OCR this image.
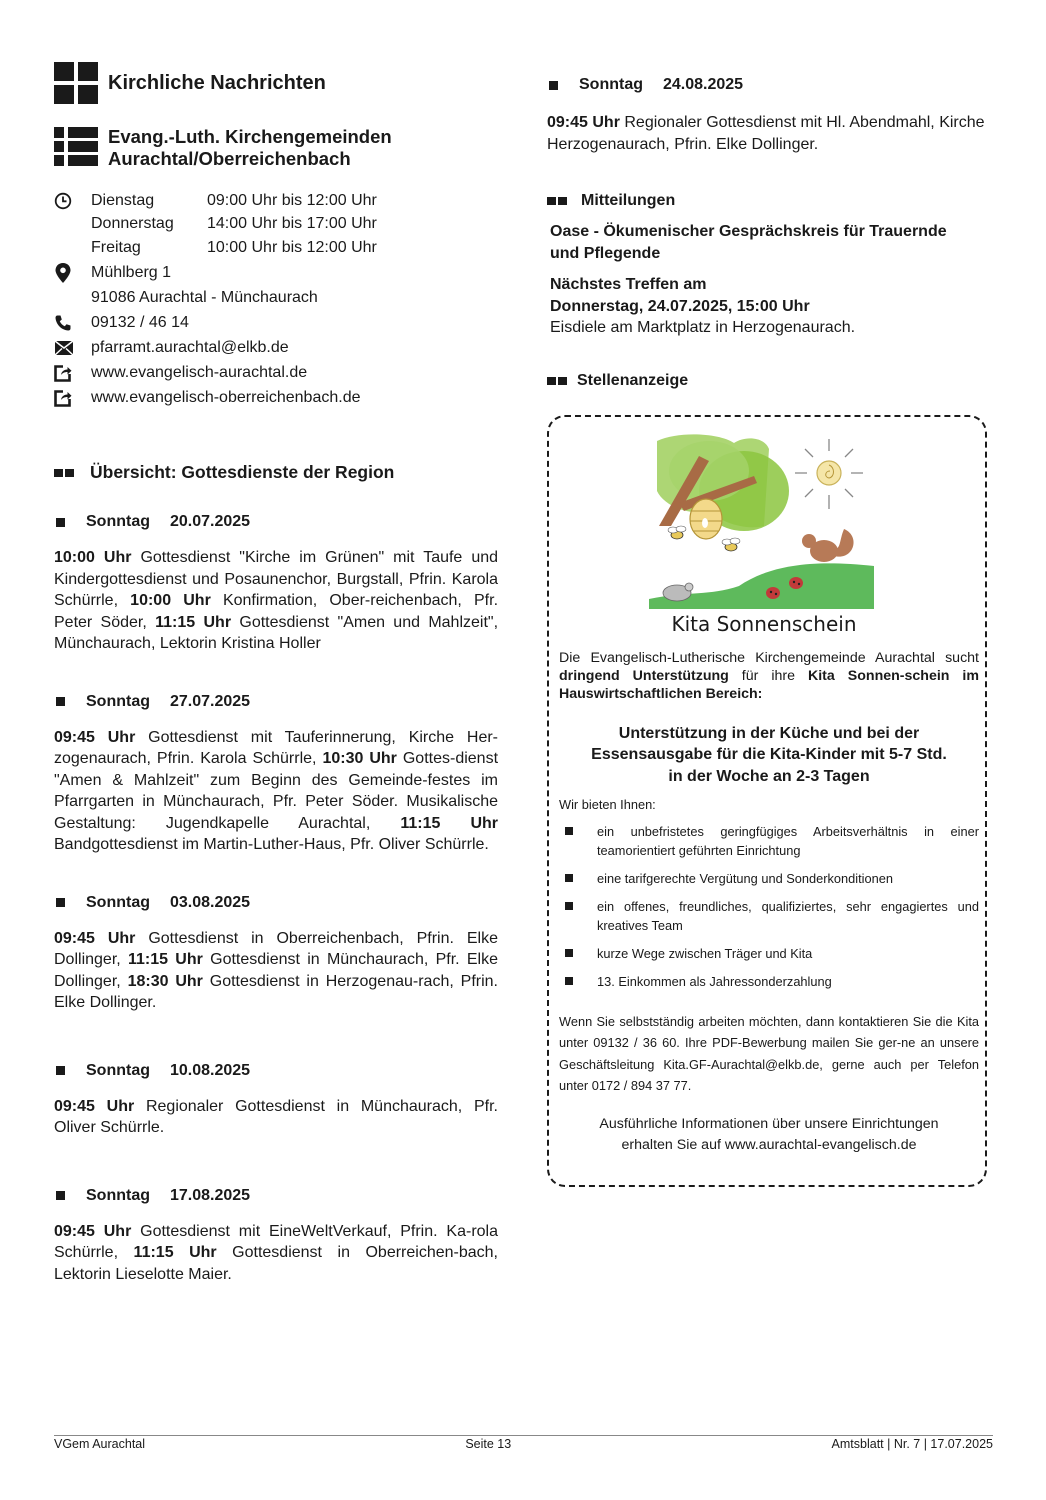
Kirchliche Nachrichten
Evang.-Luth. Kirchengemeinden
Aurachtal/Oberreichenbach
Dienstag	09:00 Uhr bis 12:00 Uhr
Donnerstag	14:00 Uhr bis 17:00 Uhr
Freitag	10:00 Uhr bis 12:00 Uhr
Mühlberg 1
91086 Aurachtal - Münchaurach
09132 / 46 14
pfarramt.aurachtal@elkb.de
www.evangelisch-aurachtal.de
www.evangelisch-oberreichenbach.de
Übersicht: Gottesdienste der Region
Sonntag 20.07.2025
10:00 Uhr Gottesdienst "Kirche im Grünen" mit Taufe und Kindergottesdienst und Posaunenchor, Burgstall, Pfrin. Karola Schürrle, 10:00 Uhr Konfirmation, Ober-reichenbach, Pfr. Peter Söder, 11:15 Uhr Gottesdienst "Amen und Mahlzeit", Münchaurach, Lektorin Kristina Holler
Sonntag 27.07.2025
09:45 Uhr Gottesdienst mit Tauferinnerung, Kirche Her-zogenaurach, Pfrin. Karola Schürrle, 10:30 Uhr Gottes-dienst "Amen & Mahlzeit" zum Beginn des Gemeinde-festes im Pfarrgarten in Münchaurach, Pfr. Peter Söder. Musikalische Gestaltung: Jugendkapelle Aurachtal, 11:15 Uhr Bandgottesdienst im Martin-Luther-Haus, Pfr. Oliver Schürrle.
Sonntag 03.08.2025
09:45 Uhr Gottesdienst in Oberreichenbach, Pfrin. Elke Dollinger, 11:15 Uhr Gottesdienst in Münchaurach, Pfr. Elke Dollinger, 18:30 Uhr Gottesdienst in Herzogenau-rach, Pfrin. Elke Dollinger.
Sonntag 10.08.2025
09:45 Uhr Regionaler Gottesdienst in Münchaurach, Pfr. Oliver Schürrle.
Sonntag 17.08.2025
09:45 Uhr Gottesdienst mit EineWeltVerkauf, Pfrin. Ka-rola Schürrle, 11:15 Uhr Gottesdienst in Oberreichen-bach, Lektorin Lieselotte Maier.
Sonntag 24.08.2025
09:45 Uhr Regionaler Gottesdienst mit Hl. Abendmahl, Kirche Herzogenaurach, Pfrin. Elke Dollinger.
Mitteilungen
Oase - Ökumenischer Gesprächskreis für Trauernde
und Pflegende
Nächstes Treffen am
Donnerstag, 24.07.2025, 15:00 Uhr
Eisdiele am Marktplatz in Herzogenaurach.
Stellenanzeige
Kita Sonnenschein
Die Evangelisch-Lutherische Kirchengemeinde Aurachtal sucht dringend Unterstützung für ihre Kita Sonnen-schein im Hauswirtschaftlichen Bereich:
Unterstützung in der Küche und bei der
Essensausgabe für die Kita-Kinder mit 5-7 Std.
in der Woche an 2-3 Tagen
Wir bieten Ihnen:
ein unbefristetes geringfügiges Arbeitsverhältnis in einer teamorientiert geführten Einrichtung
eine tarifgerechte Vergütung und Sonderkonditionen
ein offenes, freundliches, qualifiziertes, sehr engagiertes und kreatives Team
kurze Wege zwischen Träger und Kita
13. Einkommen als Jahressonderzahlung
Wenn Sie selbstständig arbeiten möchten, dann kontaktieren Sie die Kita unter 09132 / 36 60. Ihre PDF-Bewerbung mailen Sie ger-ne an unsere Geschäftsleitung Kita.GF-Aurachtal@elkb.de, gerne auch per Telefon unter 0172 / 894 37 77.
Ausführliche Informationen über unsere Einrichtungen
erhalten Sie auf www.aurachtal-evangelisch.de
VGem Aurachtal	Seite 13	Amtsblatt | Nr. 7 | 17.07.2025
